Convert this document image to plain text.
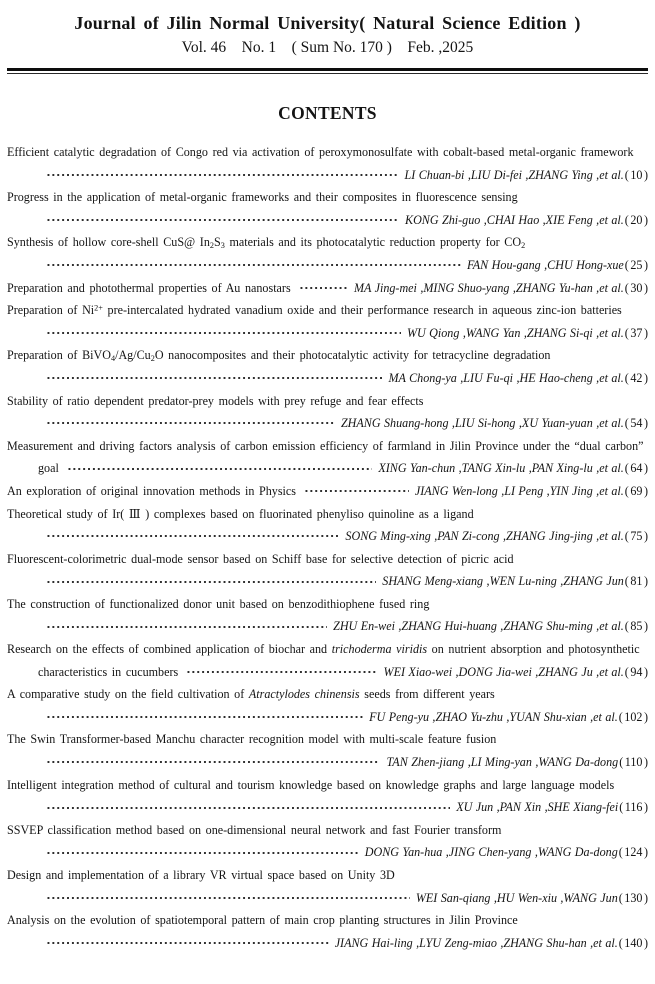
Journal of Jilin Normal University( Natural Science Edition )
Vol. 46    No. 1    ( Sum No. 170 )    Feb. ,2025
CONTENTS
Efficient catalytic degradation of Congo red via activation of peroxymonosulfate with cobalt-based metal-organic framework
LI Chuan-bi ,LIU Di-fei ,ZHANG Ying ,et al. ( 10 )
Progress in the application of metal-organic frameworks and their composites in fluorescence sensing
KONG Zhi-guo ,CHAI Hao ,XIE Feng ,et al. ( 20 )
Synthesis of hollow core-shell CuS@ $In_2S_3$ materials and its photocatalytic reduction property for $CO_2$
FAN Hou-gang ,CHU Hong-xue ( 25 )
Preparation and photothermal properties of Au nanostars	MA Jing-mei ,MING Shuo-yang ,ZHANG Yu-han ,et al. ( 30 )
Preparation of $Ni^{2+}$ pre-intercalated hydrated vanadium oxide and their performance research in aqueous zinc-ion batteries
WU Qiong ,WANG Yan ,ZHANG Si-qi ,et al. ( 37 )
Preparation of $BiVO_4/Ag/Cu_2O$ nanocomposites and their photocatalytic activity for tetracycline degradation
MA Chong-ya ,LIU Fu-qi ,HE Hao-cheng ,et al. ( 42 )
Stability of ratio dependent predator-prey models with prey refuge and fear effects
ZHANG Shuang-hong ,LIU Si-hong ,XU Yuan-yuan ,et al. ( 54 )
Measurement and driving factors analysis of carbon emission efficiency of farmland in Jilin Province under the “dual carbon”
goal	XING Yan-chun ,TANG Xin-lu ,PAN Xing-lu ,et al. ( 64 )
An exploration of original innovation methods in Physics	JIANG Wen-long ,LI Peng ,YIN Jing ,et al. ( 69 )
Theoretical study of Ir( Ⅲ ) complexes based on fluorinated phenyliso quinoline as a ligand
SONG Ming-xing ,PAN Zi-cong ,ZHANG Jing-jing ,et al. ( 75 )
Fluorescent-colorimetric dual-mode sensor based on Schiff base for selective detection of picric acid
SHANG Meng-xiang ,WEN Lu-ning ,ZHANG Jun ( 81 )
The construction of functionalized donor unit based on benzodithiophene fused ring
ZHU En-wei ,ZHANG Hui-huang ,ZHANG Shu-ming ,et al. ( 85 )
Research on the effects of combined application of biochar and trichoderma viridis on nutrient absorption and photosynthetic
characteristics in cucumbers	WEI Xiao-wei ,DONG Jia-wei ,ZHANG Ju ,et al. ( 94 )
A comparative study on the field cultivation of Atractylodes chinensis seeds from different years
FU Peng-yu ,ZHAO Yu-zhu ,YUAN Shu-xian ,et al. ( 102 )
The Swin Transformer-based Manchu character recognition model with multi-scale feature fusion
TAN Zhen-jiang ,LI Ming-yan ,WANG Da-dong ( 110 )
Intelligent integration method of cultural and tourism knowledge based on knowledge graphs and large language models
XU Jun ,PAN Xin ,SHE Xiang-fei ( 116 )
SSVEP classification method based on one-dimensional neural network and fast Fourier transform
DONG Yan-hua ,JING Chen-yang ,WANG Da-dong ( 124 )
Design and implementation of a library VR virtual space based on Unity 3D
WEI San-qiang ,HU Wen-xiu ,WANG Jun ( 130 )
Analysis on the evolution of spatiotemporal pattern of main crop planting structures in Jilin Province
JIANG Hai-ling ,LYU Zeng-miao ,ZHANG Shu-han ,et al. ( 140 )
